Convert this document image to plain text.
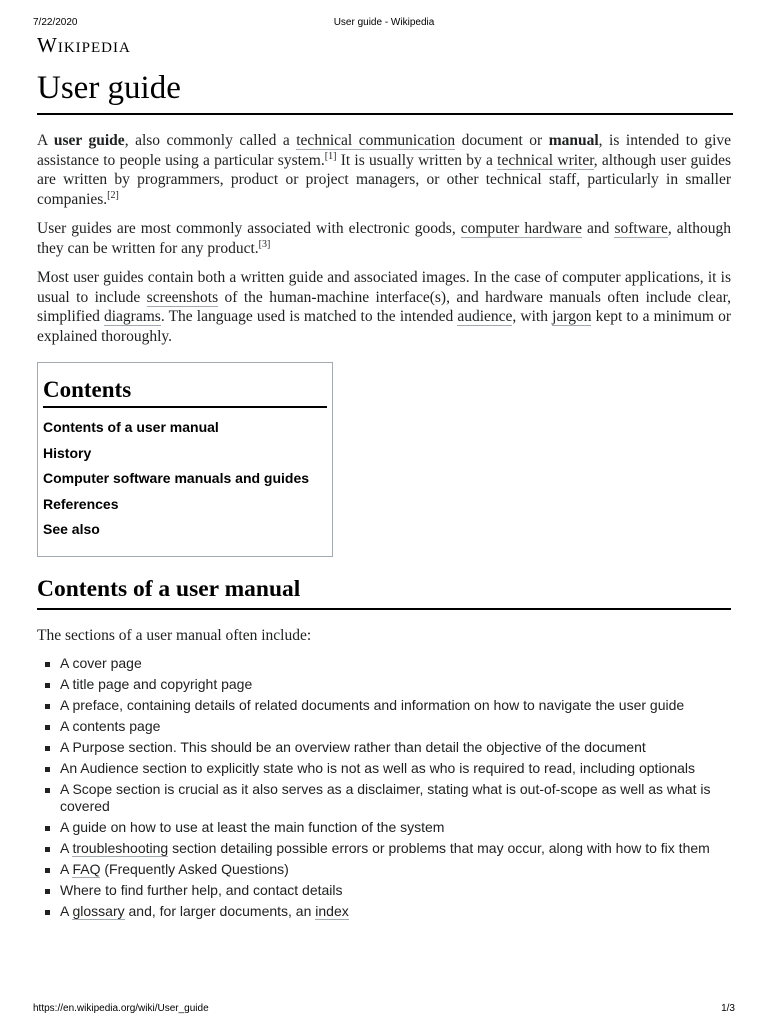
7/22/2020	User guide - Wikipedia
Wikipedia
User guide

A user guide, also commonly called a technical communication document or manual, is intended to give assistance to people using a particular system.[1] It is usually written by a technical writer, although user guides are written by programmers, product or project managers, or other technical staff, particularly in smaller companies.[2]

User guides are most commonly associated with electronic goods, computer hardware and software, although they can be written for any product.[3]

Most user guides contain both a written guide and associated images. In the case of computer applications, it is usual to include screenshots of the human-machine interface(s), and hardware manuals often include clear, simplified diagrams. The language used is matched to the intended audience, with jargon kept to a minimum or explained thoroughly.

Contents
Contents of a user manual
History
Computer software manuals and guides
References
See also
Contents of a user manual

The sections of a user manual often include:

A cover page
A title page and copyright page
A preface, containing details of related documents and information on how to navigate the user guide
A contents page
A Purpose section. This should be an overview rather than detail the objective of the document
An Audience section to explicitly state who is not as well as who is required to read, including optionals
A Scope section is crucial as it also serves as a disclaimer, stating what is out-of-scope as well as what is covered
A guide on how to use at least the main function of the system
A troubleshooting section detailing possible errors or problems that may occur, along with how to fix them
A FAQ (Frequently Asked Questions)
Where to find further help, and contact details
A glossary and, for larger documents, an index
https://en.wikipedia.org/wiki/User_guide	1/3
